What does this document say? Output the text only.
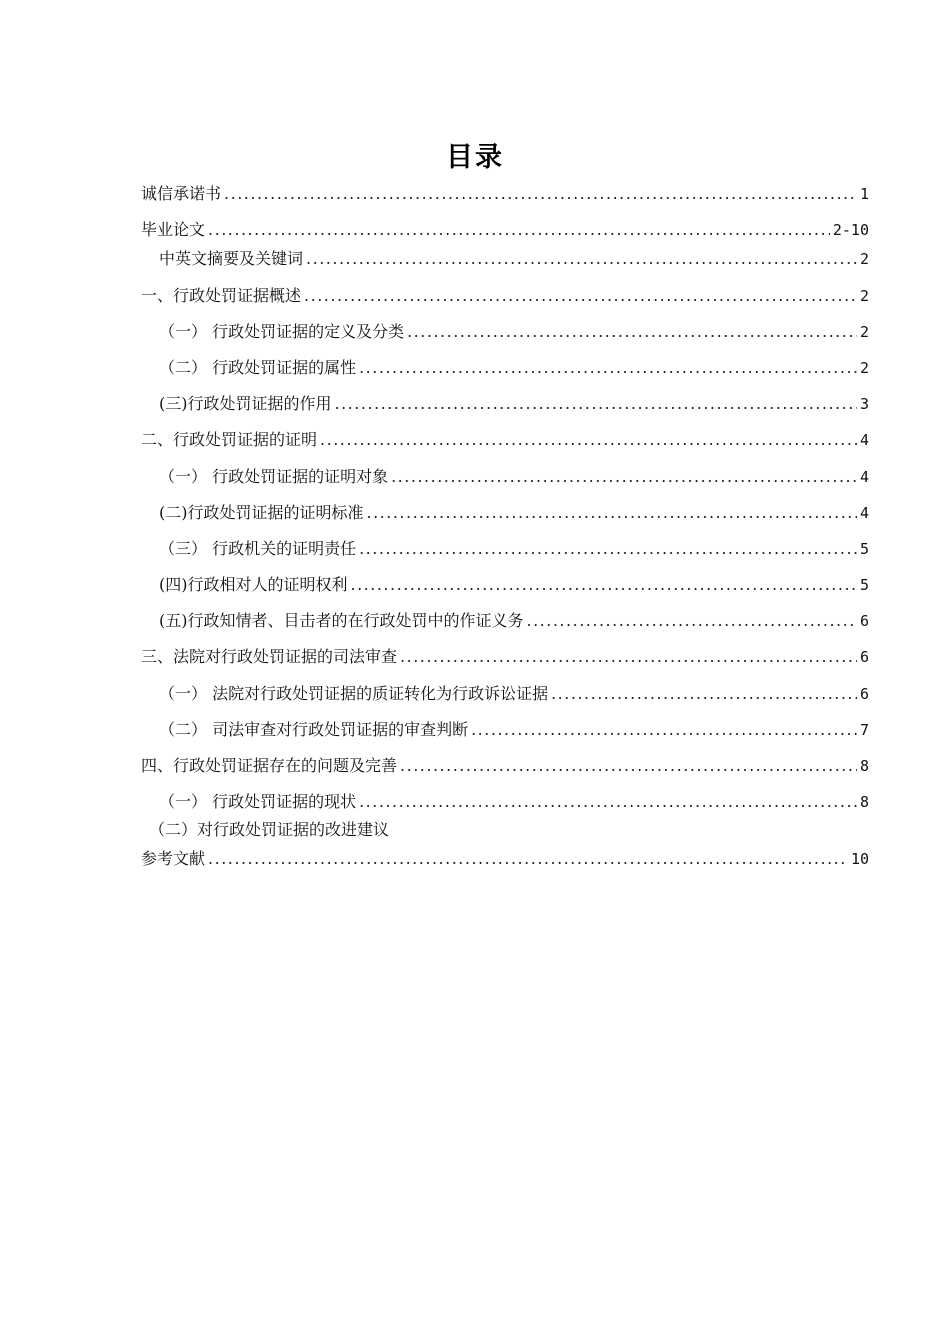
目录
诚信承诺书 .....	1
毕业论文 .....	2-10
中英文摘要及关键词 .....	2
一、行政处罚证据概述 .....	2
（一） 行政处罚证据的定义及分类 .....	2
（二） 行政处罚证据的属性 .....	2
(三)行政处罚证据的作用 .....	3
二、行政处罚证据的证明 .....	4
（一） 行政处罚证据的证明对象 .....	4
(二)行政处罚证据的证明标准 .....	4
（三） 行政机关的证明责任 .....	5
(四)行政相对人的证明权利 .....	5
(五)行政知情者、目击者的在行政处罚中的作证义务 .....	6
三、法院对行政处罚证据的司法审查 .....	6
（一） 法院对行政处罚证据的质证转化为行政诉讼证据 .....	6
（二） 司法审查对行政处罚证据的审查判断 .....	7
四、行政处罚证据存在的问题及完善 .....	8
（一） 行政处罚证据的现状 .....	8
（二）对行政处罚证据的改进建议
参考文献 .....	10
